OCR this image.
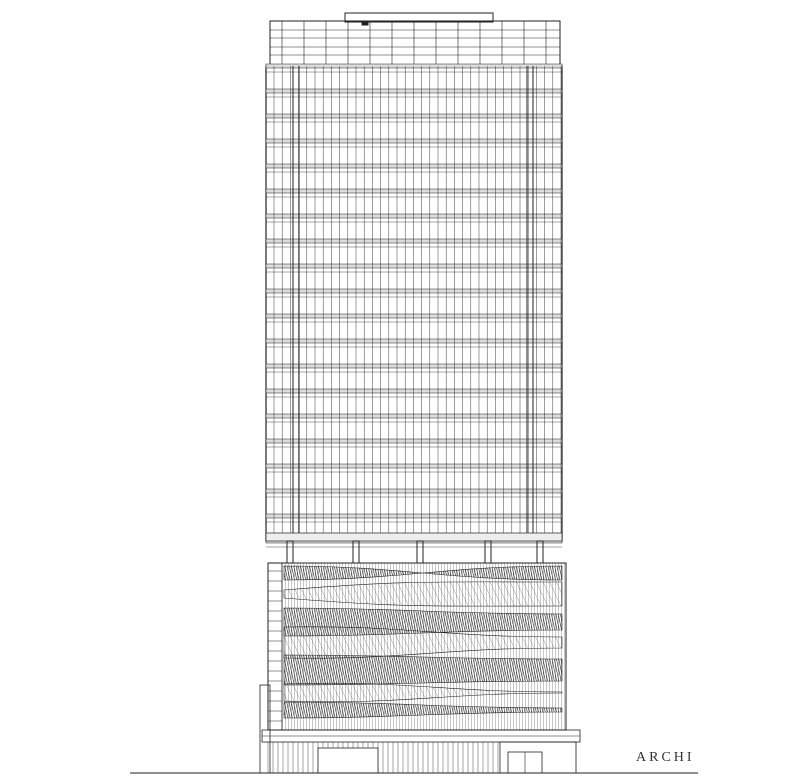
ARCHI
